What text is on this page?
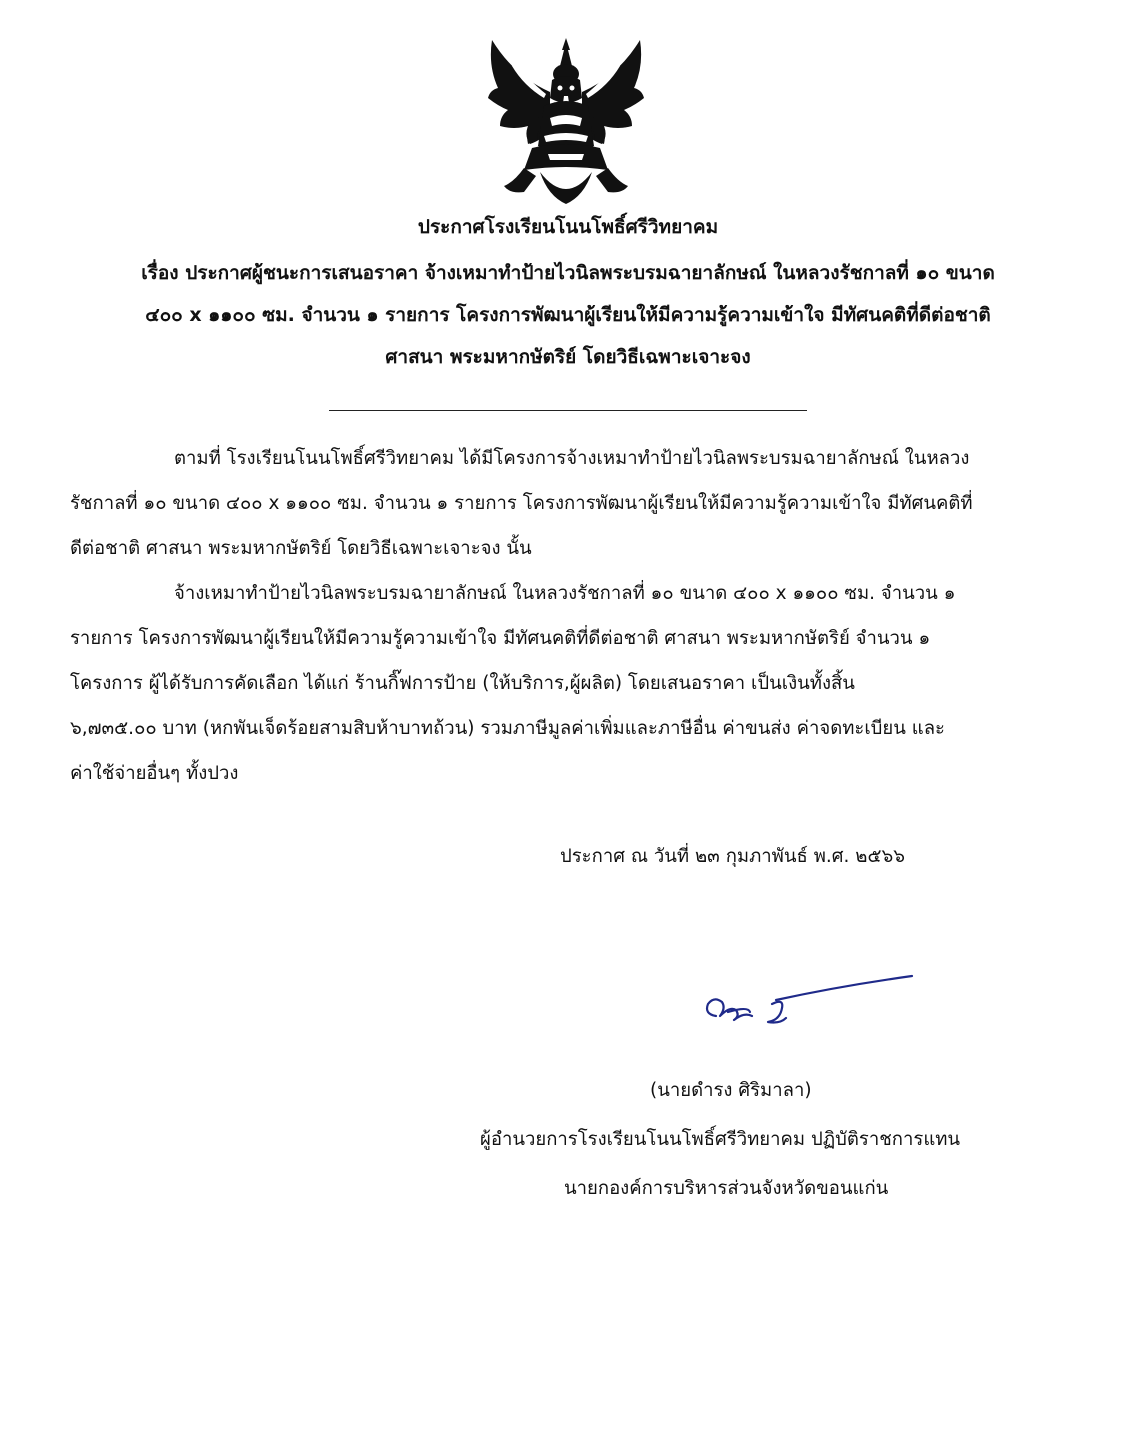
ประกาศโรงเรียนโนนโพธิ์ศรีวิทยาคม

เรื่อง ประกาศผู้ชนะการเสนอราคา จ้างเหมาทำป้ายไวนิลพระบรมฉายาลักษณ์ ในหลวงรัชกาลที่ ๑๐ ขนาด
๔๐๐ x ๑๑๐๐ ซม. จำนวน ๑ รายการ โครงการพัฒนาผู้เรียนให้มีความรู้ความเข้าใจ มีทัศนคติที่ดีต่อชาติ
ศาสนา พระมหากษัตริย์ โดยวิธีเฉพาะเจาะจง

ตามที่ โรงเรียนโนนโพธิ์ศรีวิทยาคม ได้มีโครงการจ้างเหมาทำป้ายไวนิลพระบรมฉายาลักษณ์ ในหลวง
รัชกาลที่ ๑๐ ขนาด ๔๐๐ x ๑๑๐๐ ซม. จำนวน ๑ รายการ โครงการพัฒนาผู้เรียนให้มีความรู้ความเข้าใจ มีทัศนคติที่
ดีต่อชาติ ศาสนา พระมหากษัตริย์ โดยวิธีเฉพาะเจาะจง นั้น

จ้างเหมาทำป้ายไวนิลพระบรมฉายาลักษณ์ ในหลวงรัชกาลที่ ๑๐ ขนาด ๔๐๐ x ๑๑๐๐ ซม. จำนวน ๑
รายการ โครงการพัฒนาผู้เรียนให้มีความรู้ความเข้าใจ มีทัศนคติที่ดีต่อชาติ ศาสนา พระมหากษัตริย์ จำนวน ๑
โครงการ ผู้ได้รับการคัดเลือก ได้แก่ ร้านกิ๊ฟการป้าย (ให้บริการ,ผู้ผลิต) โดยเสนอราคา เป็นเงินทั้งสิ้น
๖,๗๓๕.๐๐ บาท (หกพันเจ็ดร้อยสามสิบห้าบาทถ้วน) รวมภาษีมูลค่าเพิ่มและภาษีอื่น ค่าขนส่ง ค่าจดทะเบียน และ
ค่าใช้จ่ายอื่นๆ ทั้งปวง

ประกาศ ณ วันที่ ๒๓ กุมภาพันธ์ พ.ศ. ๒๕๖๖
(นายดำรง ศิริมาลา)
ผู้อำนวยการโรงเรียนโนนโพธิ์ศรีวิทยาคม ปฏิบัติราชการแทน
นายกองค์การบริหารส่วนจังหวัดขอนแก่น
